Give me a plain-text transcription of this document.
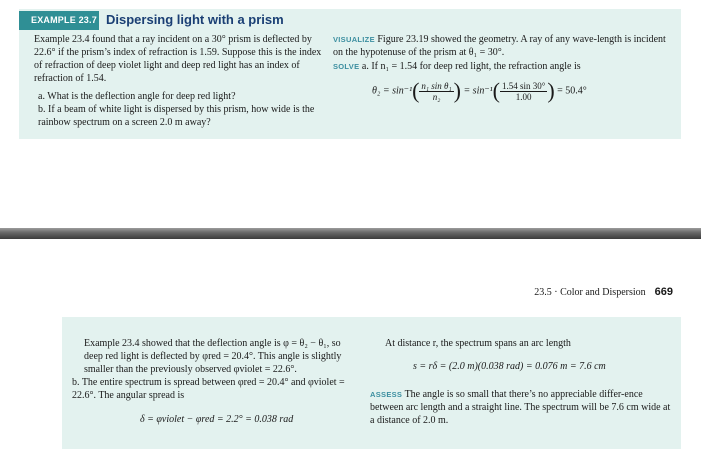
EXAMPLE 23.7 Dispersing light with a prism
Example 23.4 found that a ray incident on a 30° prism is deflected by 22.6° if the prism’s index of refraction is 1.59. Suppose this is the index of refraction of deep violet light and deep red light has an index of refraction of 1.54.
a. What is the deflection angle for deep red light?
b. If a beam of white light is dispersed by this prism, how wide is the rainbow spectrum on a screen 2.0 m away?
VISUALIZE Figure 23.19 showed the geometry. A ray of any wave-length is incident on the hypotenuse of the prism at θ₁ = 30°.
SOLVE a. If n₁ = 1.54 for deep red light, the refraction angle is
$\theta_2 = \sin^{-1}( \frac{\text{n₁ sin θ₁}}{\text{n₂}}$ ) = $\sin^{-1}( \frac{1.54 \sin 30^\circ}{1.00}$ ) = 50.4°
23.5 · Color and Dispersion 669
Example 23.4 showed that the deflection angle is φ = θ₂ − θ₁, so deep red light is deflected by φred = 20.4°. This angle is slightly smaller than the previously observed φviolet = 22.6°.
b. The entire spectrum is spread between φred = 20.4° and φviolet = 22.6°. The angular spread is
δ = φviolet − φred = 2.2° = 0.038 rad
At distance r, the spectrum spans an arc length
s = rδ = (2.0 m)(0.038 rad) = 0.076 m = 7.6 cm
ASSESS The angle is so small that there’s no appreciable differ-ence between arc length and a straight line. The spectrum will be 7.6 cm wide at a distance of 2.0 m.
